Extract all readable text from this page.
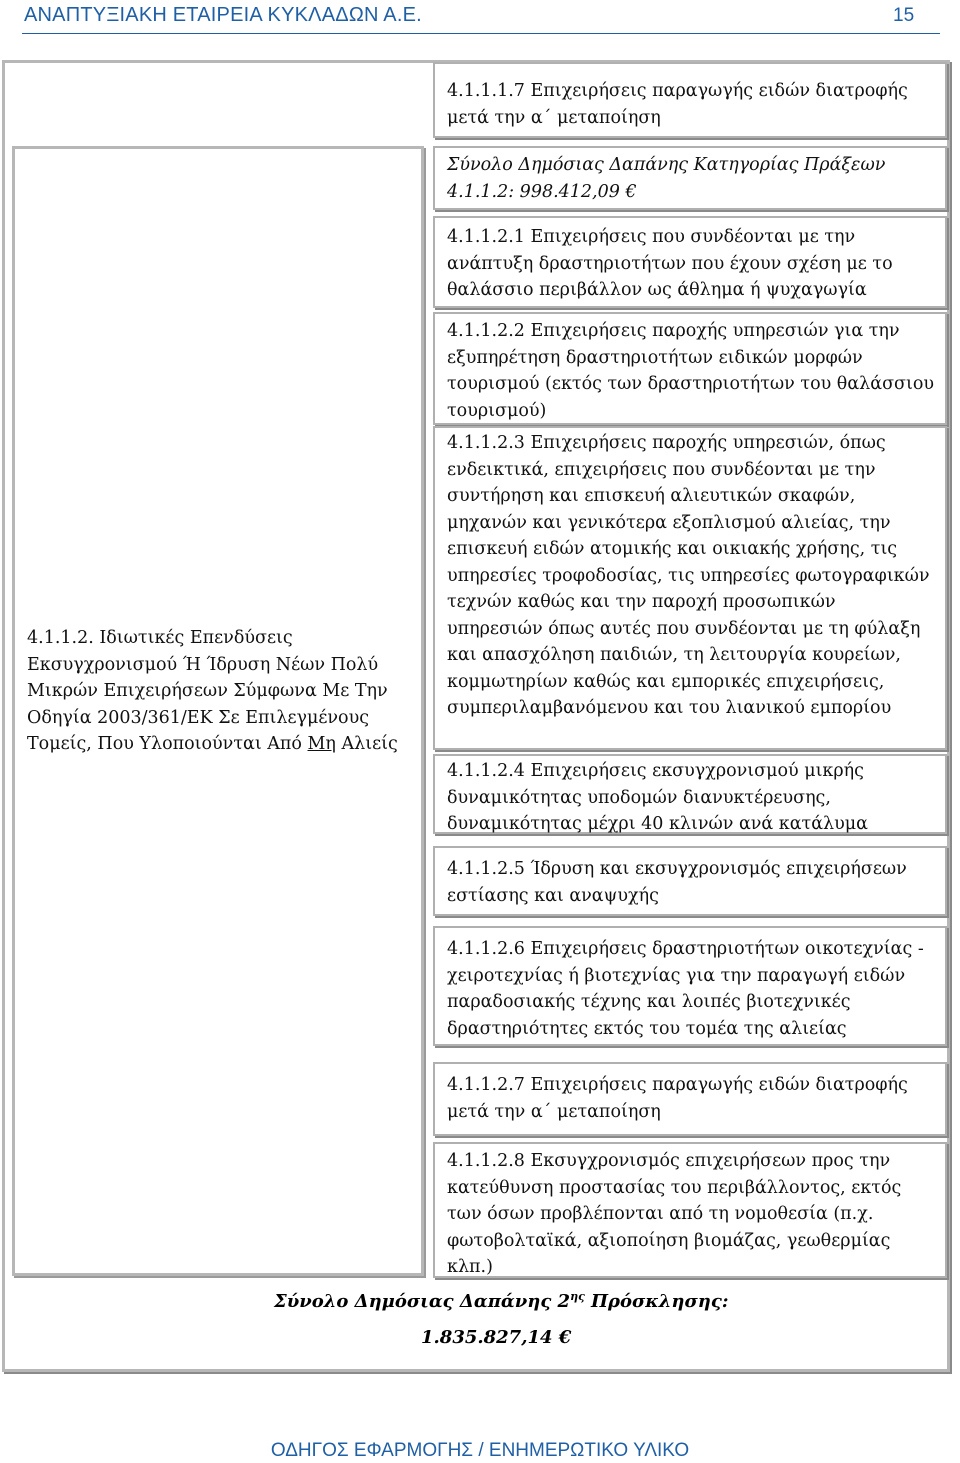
ΑΝΑΠΤΥΞΙΑΚΗ ΕΤΑΙΡΕΙΑ ΚΥΚΛΑΔΩΝ Α.Ε.	15
4.1.1.2. Ιδιωτικές Επενδύσεις Εκσυγχρονισμού Ή Ίδρυση Νέων Πολύ Μικρών Επιχειρήσεων Σύμφωνα Με Την Οδηγία 2003/361/ΕΚ Σε Επιλεγμένους Τομείς, Που Υλοποιούνται Από Μη Αλιείς

4.1.1.1.7 Επιχειρήσεις παραγωγής ειδών διατροφής μετά την α΄ μεταποίηση

Σύνολο Δημόσιας Δαπάνης Κατηγορίας Πράξεων 4.1.1.2: 998.412,09 €

4.1.1.2.1 Επιχειρήσεις που συνδέονται με την ανάπτυξη δραστηριοτήτων που έχουν σχέση με το θαλάσσιο περιβάλλον ως άθλημα ή ψυχαγωγία

4.1.1.2.2 Επιχειρήσεις παροχής υπηρεσιών για την εξυπηρέτηση δραστηριοτήτων ειδικών μορφών τουρισμού (εκτός των δραστηριοτήτων του θαλάσσιου τουρισμού)

4.1.1.2.3 Επιχειρήσεις παροχής υπηρεσιών, όπως ενδεικτικά, επιχειρήσεις που συνδέονται με την συντήρηση και επισκευή αλιευτικών σκαφών, μηχανών και γενικότερα εξοπλισμού αλιείας, την επισκευή ειδών ατομικής και οικιακής χρήσης, τις υπηρεσίες τροφοδοσίας, τις υπηρεσίες φωτογραφικών τεχνών καθώς και την παροχή προσωπικών υπηρεσιών όπως αυτές που συνδέονται με τη φύλαξη και απασχόληση παιδιών, τη λειτουργία κουρείων, κομμωτηρίων καθώς και εμπορικές επιχειρήσεις, συμπεριλαμβανόμενου και του λιανικού εμπορίου

4.1.1.2.4 Επιχειρήσεις εκσυγχρονισμού μικρής δυναμικότητας υποδομών διανυκτέρευσης, δυναμικότητας μέχρι 40 κλινών ανά κατάλυμα

4.1.1.2.5 Ίδρυση και εκσυγχρονισμός επιχειρήσεων εστίασης και αναψυχής

4.1.1.2.6 Επιχειρήσεις δραστηριοτήτων οικοτεχνίας - χειροτεχνίας ή βιοτεχνίας για την παραγωγή ειδών παραδοσιακής τέχνης και λοιπές βιοτεχνικές δραστηριότητες εκτός του τομέα της αλιείας

4.1.1.2.7 Επιχειρήσεις παραγωγής ειδών διατροφής μετά την α΄ μεταποίηση

4.1.1.2.8 Εκσυγχρονισμός επιχειρήσεων προς την κατεύθυνση προστασίας του περιβάλλοντος, εκτός των όσων προβλέπονται από τη νομοθεσία (π.χ. φωτοβολταϊκά, αξιοποίηση βιομάζας, γεωθερμίας κλπ.)

Σύνολο Δημόσιας Δαπάνης $2^{\eta\varsigma}$ Πρόσκλησης:
1.835.827,14 €
ΟΔΗΓΟΣ ΕΦΑΡΜΟΓΗΣ / ΕΝΗΜΕΡΩΤΙΚΟ ΥΛΙΚΟ
